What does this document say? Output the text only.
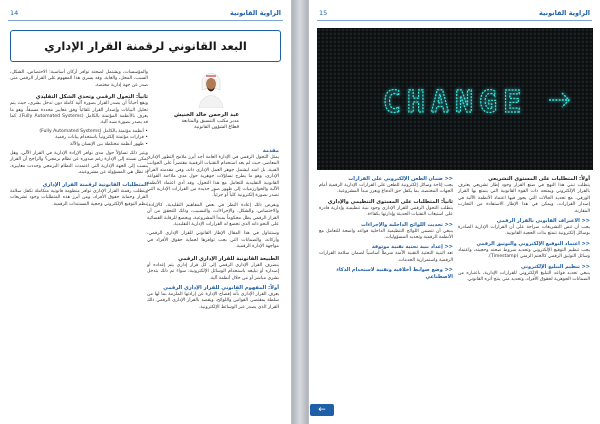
الراوية القانونية
14
البعد القانوني لرقمنة القرار الإداري
عبد الرحمن خالد الخنيش
مدير مكتب التنسيق والمتابعة
قطاع الشؤون القانونية
مقدمة

يمثل التحول الرقمي في الإدارة العامة أحد أبرز ملامح التطور الإداري المعاصر، حيث لم يعد استخدام التقنيات الرقمية مقتصراً على الجوانب الفنية، بل امتد ليشمل جوهر العمل الإداري ذاته، وفي مقدمته القرار الإداري، وهو ما يطرح تساؤلات جوهرية حول مدى ملاءمة القواعد القانونية التقليدية للتعامل مع هذا التحول. وقد أدى اعتماد الأنظمة الآلية والخوارزميات إلى ظهور صور جديدة من القرارات الإدارية التي تصدر بصورة إلكترونية كلياً أو جزئياً.

ويفرض ذلك إعادة النظر في بعض المفاهيم التقليدية، كالإرادة، والاختصاص، والشكل، والإجراءات، والتسبيب، وذلك للتحقق من أن القرار الرقمي يظل محكوماً بمبدأ المشروعية، ويخضع للرقابة القضائية على النحو ذاته الذي تخضع له القرارات الإدارية التقليدية.

وسنتناول في هذا المقال الإطار القانوني للقرار الإداري الرقمي، وأركانه، والضمانات التي يجب توافرها لحماية حقوق الأفراد في مواجهة الإدارة الرقمية.

الطبيعة القانونية للقرار الإداري الرقمي

ينصرف القرار الإداري الرقمي إلى كل قرار إداري يتم إعداده أو إصداره أو تبليغه باستخدام الوسائل الإلكترونية، سواء تم ذلك بتدخل بشري مباشر أو من خلال أنظمة آلية.

أولاً: المفهوم القانوني للقرار الإداري الرقمي

يعرف القرار الإداري بأنه إفصاح الإدارة عن إرادتها الملزمة بما لها من سلطة بمقتضى القوانين واللوائح، ويقصد بالقرار الإداري الرقمي ذلك القرار الذي يصدر عبر الوسائط الإلكترونية.

والمؤسسات، ويشتمل لصحته توافر أركان أساسية: الاختصاص، الشكل، السبب، المحل، والغاية. وقد يسري هذا المفهوم على القرار الرقمي متى صدر عن جهة إدارية مختصة.

ثانياً: التحول الرقمي وتحدي الشكل التقليدي

ويقع أحياناً أن يصدر القرار بصورة آلية كاملة دون تدخل بشري، حيث يتم تحليل البيانات وإصدار القرار تلقائياً وفق معايير محددة مسبقاً، وهو ما يعرف بالأنظمة المؤتمتة بالكامل (Fully Automated Systems)، كما قد يصدر بصورة شبه آلية.

• أنظمة مؤتمتة بالكامل (Fully Automated Systems)
• قرارات مؤتمتة إلكترونياً باستخدام بيانات رقمية
• ظهور أنظمة مختلطة بين الإنسان والآلة

ويثير ذلك تساؤلاً حول مدى توافر الإرادة الإدارية في القرار الآلي، وهل يمكن نسبته إلى الإدارة رغم صدوره عن نظام برمجي؟ والراجح أن القرار ينسب إلى الجهة الإدارية التي اعتمدت النظام البرمجي وحددت معاييره، إذ تظل هي المسؤولة عن مشروعيته.

المتطلبات القانونية لرقمنة القرار الإداري

ويتطلب رقمنة القرار الإداري توافر منظومة قانونية متكاملة تكفل سلامة القرار وحماية حقوق الأفراد، ومن أبرز هذه المتطلبات وجود تشريعات تنظم التوقيع الإلكتروني وحجية المستندات الرقمية.

الراوية القانونية
15
CHANGE
أولاً: المتطلبات على المستوى التشريعي

يتطلب تبني هذا النهج في صنع القرار وجود إطار تشريعي يعترف بالقرار الإلكتروني ويمنحه ذات القوة القانونية التي يتمتع بها القرار الورقي، مع تحديد الحالات التي يجوز فيها اعتماد الأنظمة الآلية في إصدار القرارات، ويمكن في هذا الإطار الاستفادة من التجارب المقارنة.

<< الاعتراف القانوني بالقرار الرقمي

يجب أن تنص التشريعات صراحة على أن القرارات الإدارية الصادرة بوسائل إلكترونية تتمتع بذات الحجية القانونية.

<< اعتماد التوقيع الإلكتروني والتوثيق الرقمي

يجب تنظيم التوقيع الإلكتروني وتحديد شروط صحته وحجيته، واعتماد وسائل التوثيق الرقمي كالختم الزمني (Timestamp).

<< تنظيم التبليغ الإلكتروني

ينبغي تحديد قواعد التبليغ الإلكتروني للقرارات الإدارية، باعتباره من الضمانات الجوهرية لحقوق الأفراد، وتحديد متى ينتج أثره القانوني.

<< ضمان الطعن الإلكتروني على القرارات

يجب إتاحة وسائل إلكترونية للطعن على القرارات الإدارية الرقمية أمام الجهات المختصة، بما يكفل حق الدفاع ويعزز مبدأ المشروعية.

ثانياً: المتطلبات على المستوى التنظيمي والإداري

يتطلب التحول الرقمي للقرار الإداري وجود بنية تنظيمية وإدارية قادرة على استيعاب التقنيات الحديثة وإدارتها بكفاءة.

<< تحديث اللوائح الداخلية والإجراءات

ينبغي أن تتضمن اللوائح التنظيمية الداخلية قواعد واضحة للتعامل مع الأنظمة الرقمية وتحديد المسؤوليات.

<< إعداد بنية تحتية تقنية موثوقة

تعد البنية التحتية التقنية الآمنة شرطاً أساسياً لضمان سلامة القرارات الرقمية واستمرارية الخدمات.

<< وضع ضوابط أخلاقية وتقنية لاستخدام الذكاء الاصطناعي
←
